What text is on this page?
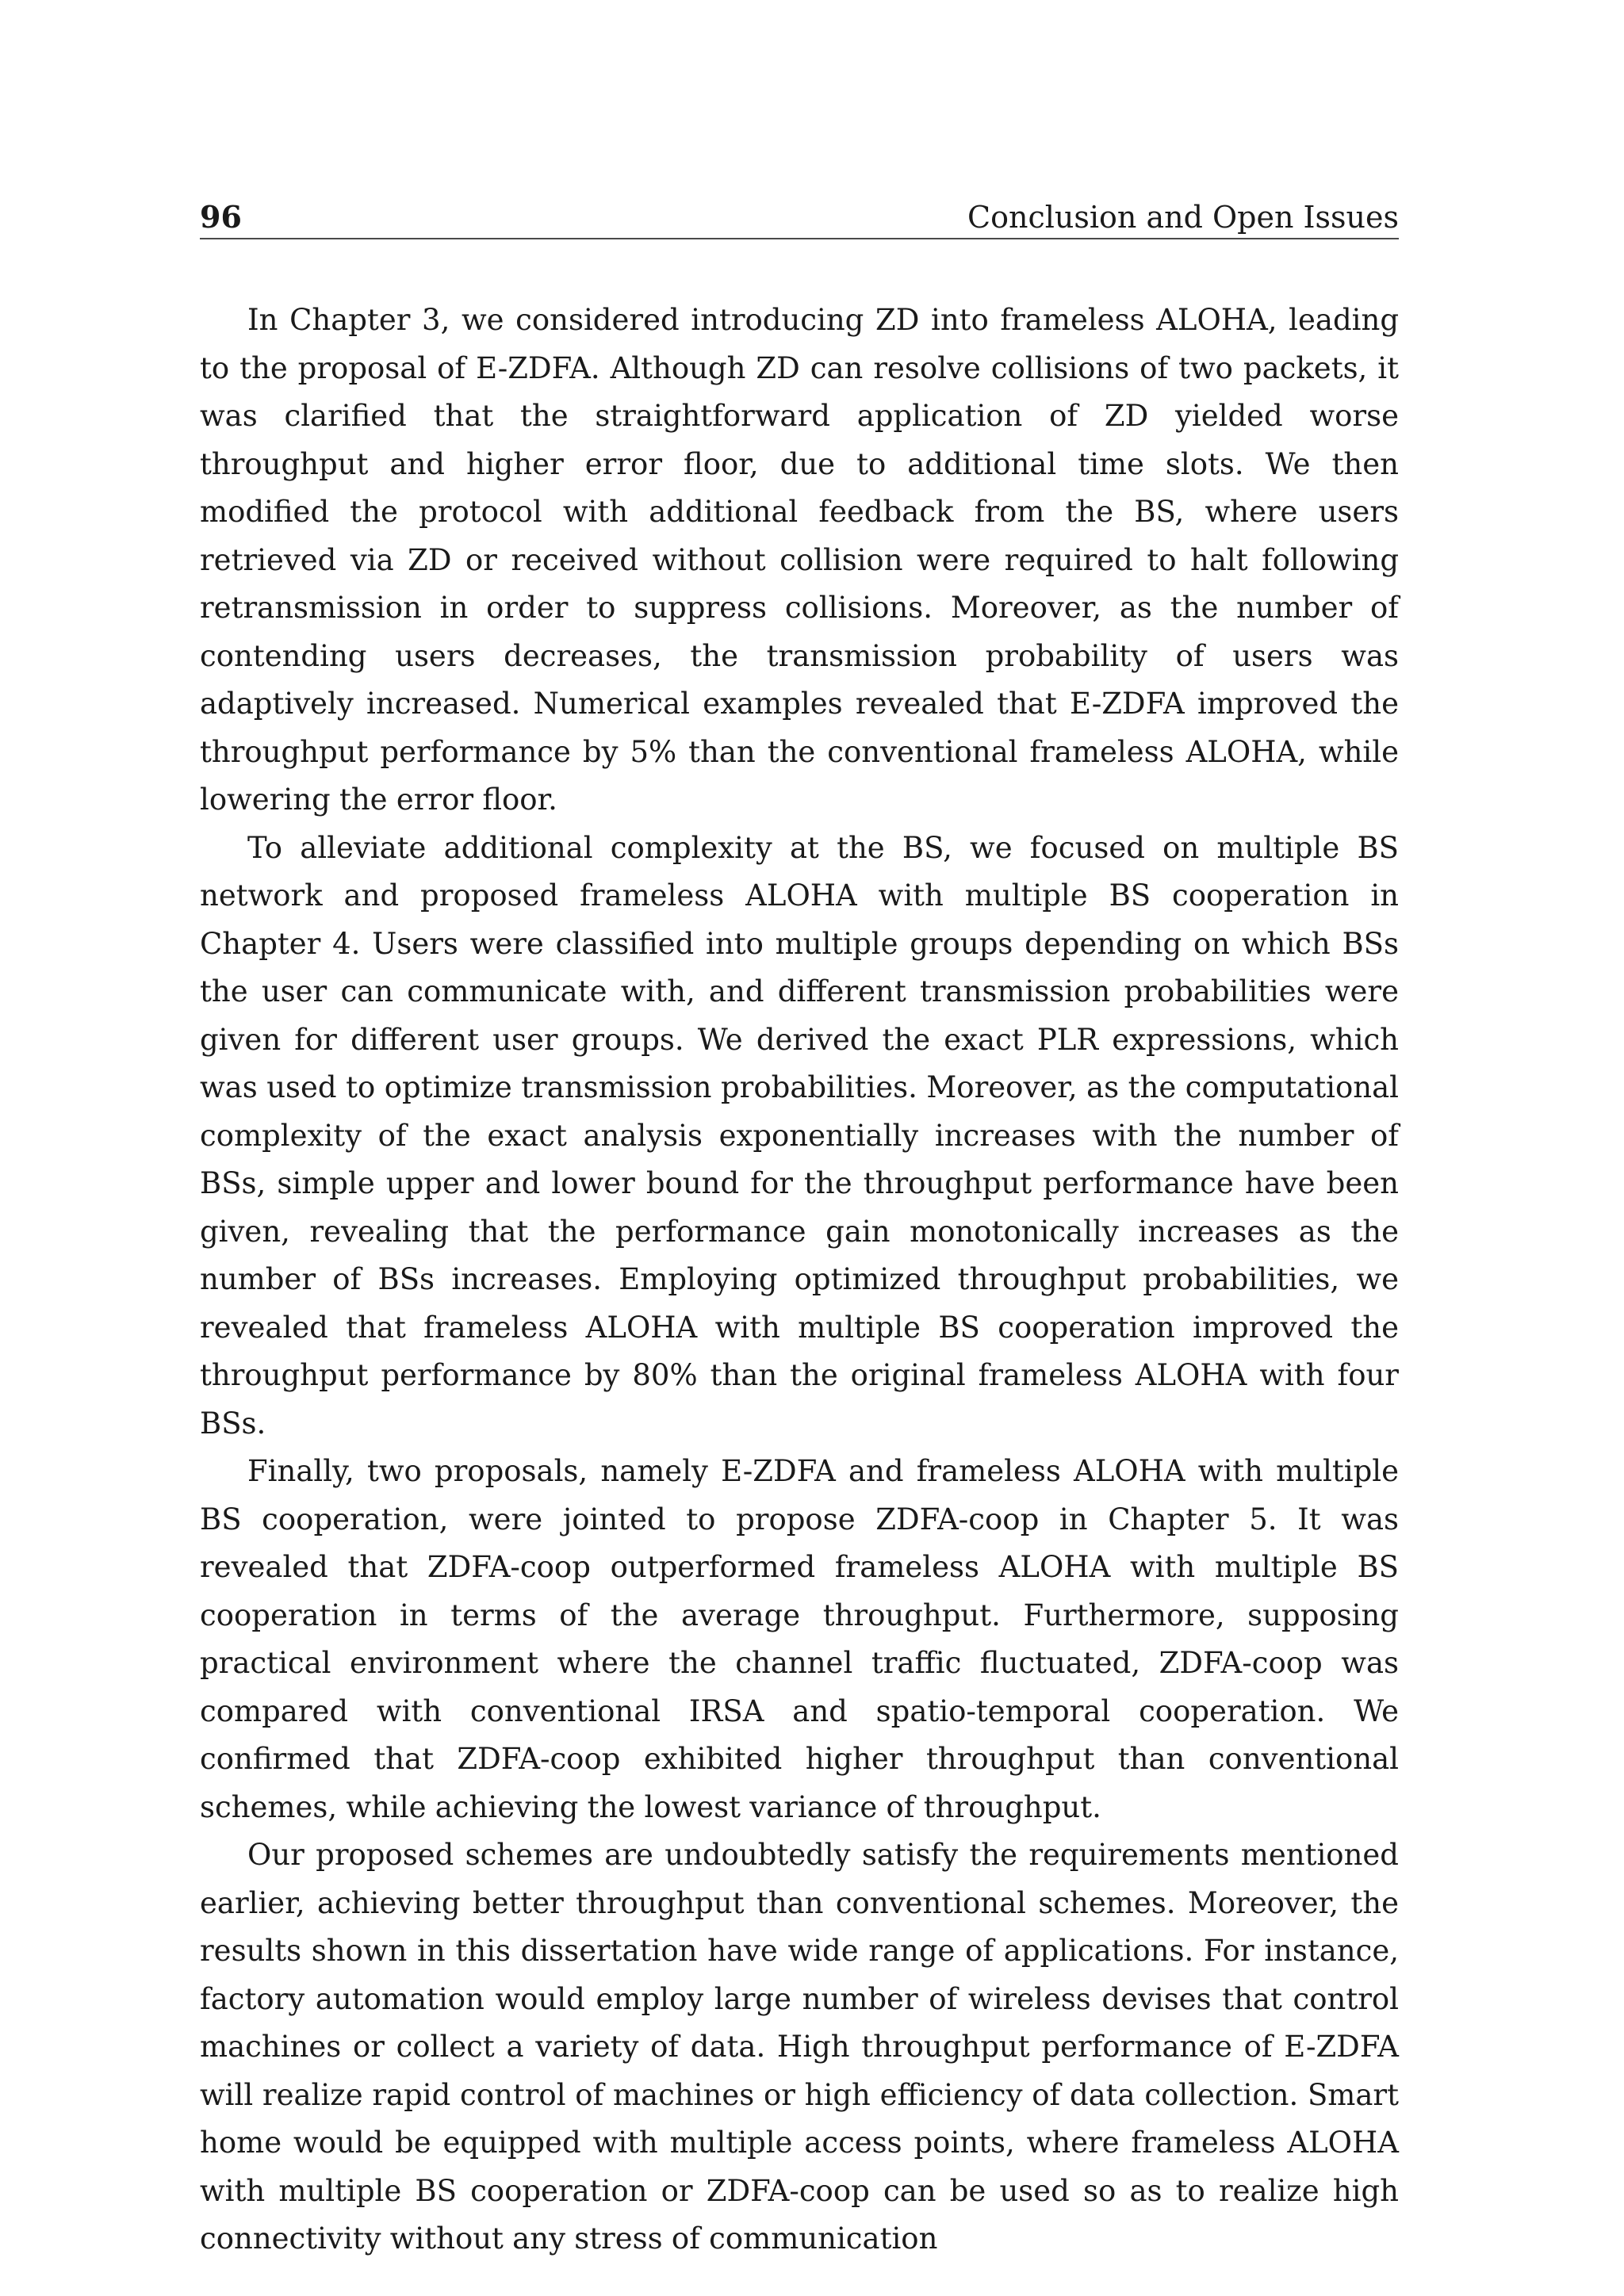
96	Conclusion and Open Issues

In Chapter 3, we considered introducing ZD into frameless ALOHA, leading to the proposal of E-ZDFA. Although ZD can resolve collisions of two packets, it was clarified that the straightforward application of ZD yielded worse throughput and higher error floor, due to additional time slots. We then modified the protocol with additional feedback from the BS, where users retrieved via ZD or received without collision were required to halt following retransmission in order to suppress collisions. Moreover, as the number of contending users decreases, the transmission probability of users was adaptively increased. Numerical examples revealed that E-ZDFA improved the throughput performance by 5% than the conventional frameless ALOHA, while lowering the error floor.

To alleviate additional complexity at the BS, we focused on multiple BS network and proposed frameless ALOHA with multiple BS cooperation in Chapter 4. Users were classified into multiple groups depending on which BSs the user can communicate with, and different transmission probabilities were given for different user groups. We derived the exact PLR expressions, which was used to optimize transmission probabilities. Moreover, as the computational complexity of the exact analysis exponentially increases with the number of BSs, simple upper and lower bound for the throughput performance have been given, revealing that the performance gain monotonically increases as the number of BSs increases. Employing optimized throughput probabilities, we revealed that frameless ALOHA with multiple BS cooperation improved the throughput performance by 80% than the original frameless ALOHA with four BSs.

Finally, two proposals, namely E-ZDFA and frameless ALOHA with multiple BS cooperation, were jointed to propose ZDFA-coop in Chapter 5. It was revealed that ZDFA-coop outperformed frameless ALOHA with multiple BS cooperation in terms of the average throughput. Furthermore, supposing practical environment where the channel traffic fluctuated, ZDFA-coop was compared with conventional IRSA and spatio-temporal cooperation. We confirmed that ZDFA-coop exhibited higher throughput than conventional schemes, while achieving the lowest variance of throughput.

Our proposed schemes are undoubtedly satisfy the requirements mentioned earlier, achieving better throughput than conventional schemes. Moreover, the results shown in this dissertation have wide range of applications. For instance, factory automation would employ large number of wireless devises that control machines or collect a variety of data. High throughput performance of E-ZDFA will realize rapid control of machines or high efficiency of data collection. Smart home would be equipped with multiple access points, where frameless ALOHA with multiple BS cooperation or ZDFA-coop can be used so as to realize high connectivity without any stress of communication
